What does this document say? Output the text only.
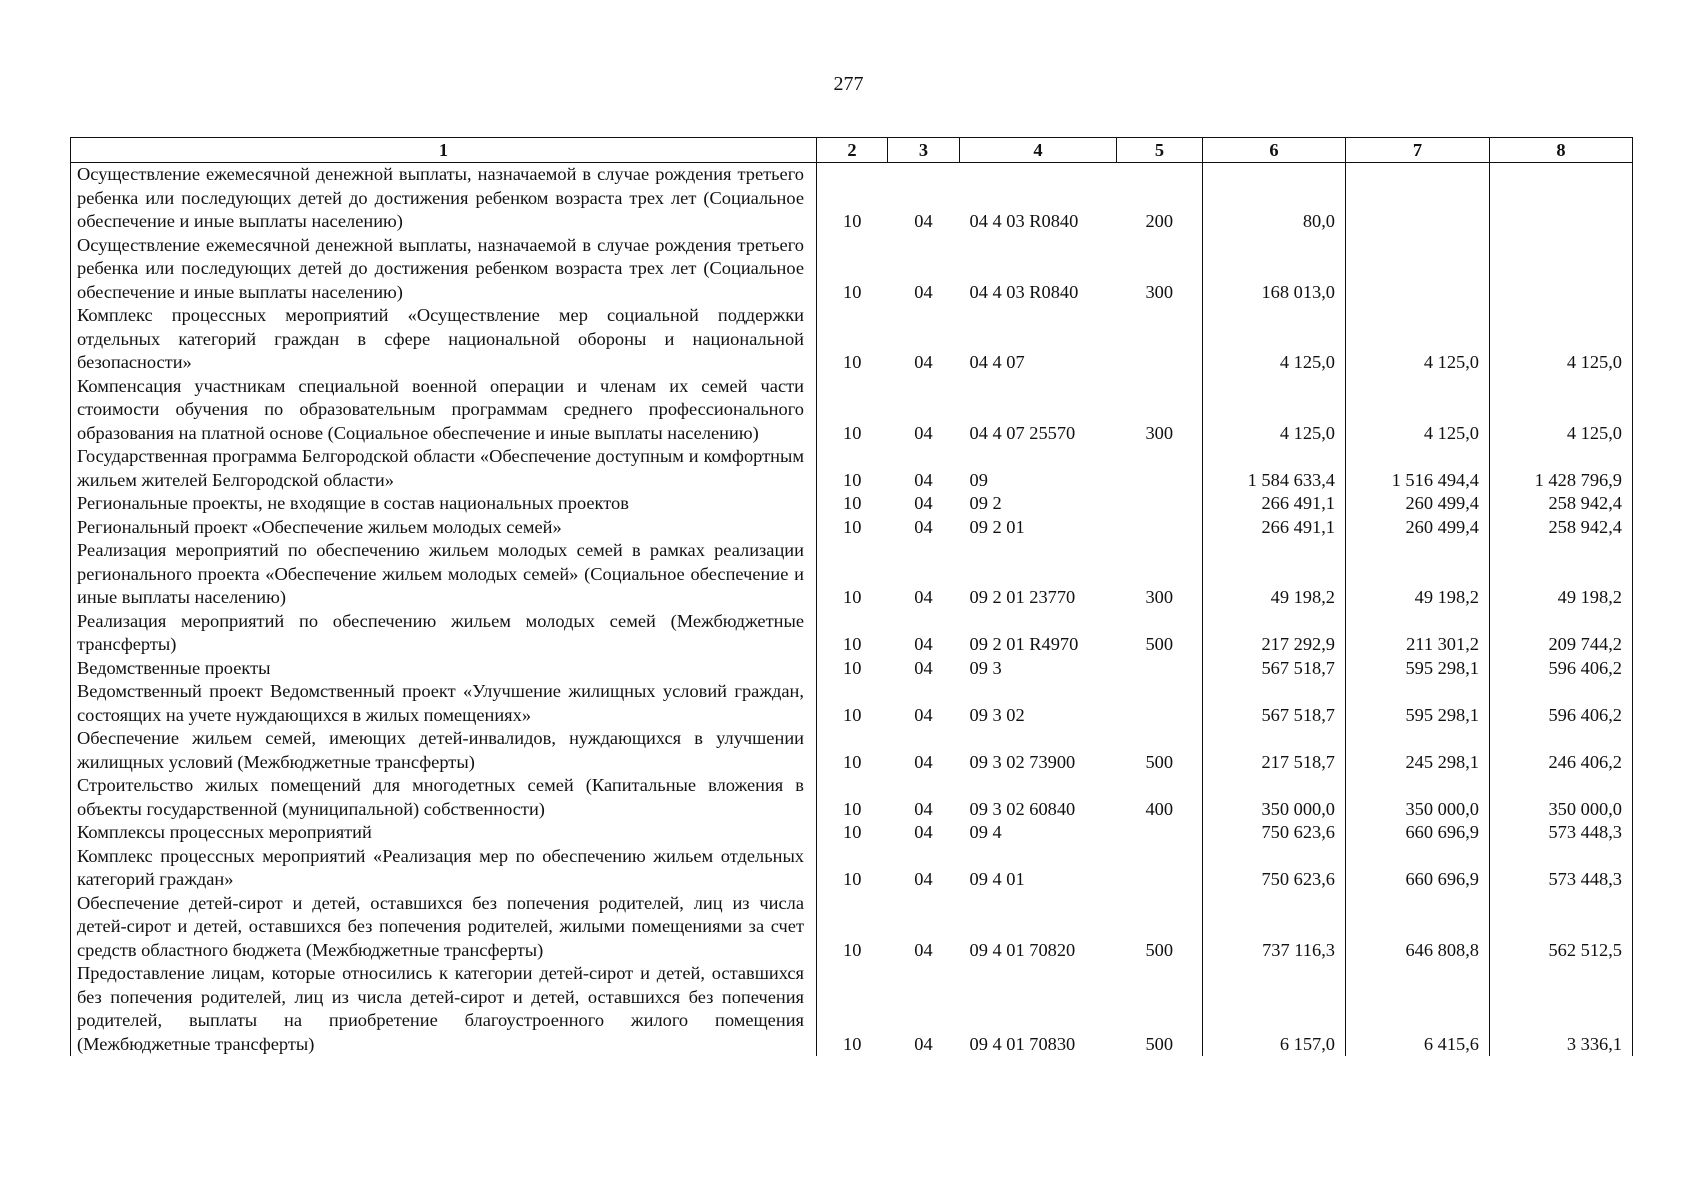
277
1	2	3	4	5	6	7	8
Осуществление ежемесячной денежной выплаты, назначаемой в случае рождения третьего ребенка или последующих детей до достижения ребенком возраста трех лет (Социальное обеспечение и иные выплаты населению)	10	04	04 4 03 R0840	200	80,0		
Осуществление ежемесячной денежной выплаты, назначаемой в случае рождения третьего ребенка или последующих детей до достижения ребенком возраста трех лет (Социальное обеспечение и иные выплаты населению)	10	04	04 4 03 R0840	300	168 013,0		
Комплекс процессных мероприятий «Осуществление мер социальной поддержки отдельных категорий граждан в сфере национальной обороны и национальной безопасности»	10	04	04 4 07		4 125,0	4 125,0	4 125,0
Компенсация участникам специальной военной операции и членам их семей части стоимости обучения по образовательным программам среднего профессионального образования на платной основе (Социальное обеспечение и иные выплаты населению)	10	04	04 4 07 25570	300	4 125,0	4 125,0	4 125,0
Государственная программа Белгородской области «Обеспечение доступным и комфортным жильем жителей Белгородской области»	10	04	09		1 584 633,4	1 516 494,4	1 428 796,9
Региональные проекты, не входящие в состав национальных проектов	10	04	09 2		266 491,1	260 499,4	258 942,4
Региональный проект «Обеспечение жильем молодых семей»	10	04	09 2 01		266 491,1	260 499,4	258 942,4
Реализация мероприятий по обеспечению жильем молодых семей в рамках реализации регионального проекта «Обеспечение жильем молодых семей» (Социальное обеспечение и иные выплаты населению)	10	04	09 2 01 23770	300	49 198,2	49 198,2	49 198,2
Реализация мероприятий по обеспечению жильем молодых семей (Межбюджетные трансферты)	10	04	09 2 01 R4970	500	217 292,9	211 301,2	209 744,2
Ведомственные проекты	10	04	09 3		567 518,7	595 298,1	596 406,2
Ведомственный проект Ведомственный проект «Улучшение жилищных условий граждан, состоящих на учете нуждающихся в жилых помещениях»	10	04	09 3 02		567 518,7	595 298,1	596 406,2
Обеспечение жильем семей, имеющих детей-инвалидов, нуждающихся в улучшении жилищных условий (Межбюджетные трансферты)	10	04	09 3 02 73900	500	217 518,7	245 298,1	246 406,2
Строительство жилых помещений для многодетных семей (Капитальные вложения в объекты государственной (муниципальной) собственности)	10	04	09 3 02 60840	400	350 000,0	350 000,0	350 000,0
Комплексы процессных мероприятий	10	04	09 4		750 623,6	660 696,9	573 448,3
Комплекс процессных мероприятий «Реализация мер по обеспечению жильем отдельных категорий граждан»	10	04	09 4 01		750 623,6	660 696,9	573 448,3
Обеспечение детей-сирот и детей, оставшихся без попечения родителей, лиц из числа детей-сирот и детей, оставшихся без попечения родителей, жилыми помещениями за счет средств областного бюджета (Межбюджетные трансферты)	10	04	09 4 01 70820	500	737 116,3	646 808,8	562 512,5
Предоставление лицам, которые относились к категории детей-сирот и детей, оставшихся без попечения родителей, лиц из числа детей-сирот и детей, оставшихся без попечения родителей, выплаты на приобретение благоустроенного жилого помещения (Межбюджетные трансферты)	10	04	09 4 01 70830	500	6 157,0	6 415,6	3 336,1
